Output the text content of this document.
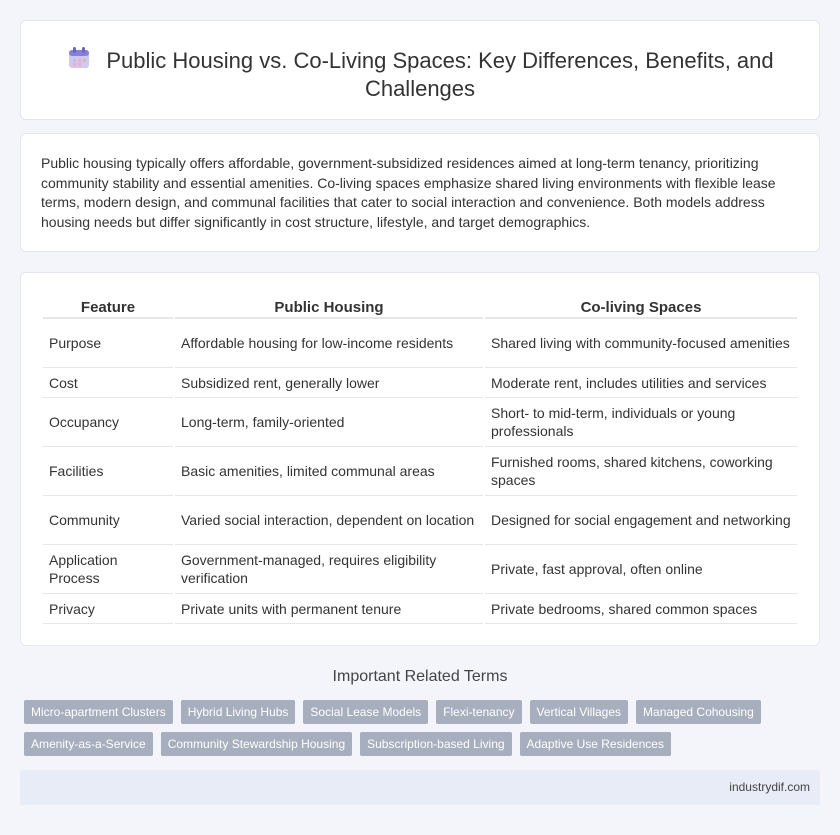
Public Housing vs. Co-Living Spaces: Key Differences, Benefits, and Challenges

Public housing typically offers affordable, government-subsidized residences aimed at long-term tenancy, prioritizing community stability and essential amenities. Co-living spaces emphasize shared living environments with flexible lease terms, modern design, and communal facilities that cater to social interaction and convenience. Both models address housing needs but differ significantly in cost structure, lifestyle, and target demographics.

Feature	Public Housing	Co-living Spaces
Purpose	Affordable housing for low-income residents	Shared living with community-focused amenities
Cost	Subsidized rent, generally lower	Moderate rent, includes utilities and services
Occupancy	Long-term, family-oriented	Short- to mid-term, individuals or young professionals
Facilities	Basic amenities, limited communal areas	Furnished rooms, shared kitchens, coworking spaces
Community	Varied social interaction, dependent on location	Designed for social engagement and networking
Application Process	Government-managed, requires eligibility verification	Private, fast approval, often online
Privacy	Private units with permanent tenure	Private bedrooms, shared common spaces
Important Related Terms
Micro-apartment Clusters	Hybrid Living Hubs	Social Lease Models	Flexi-tenancy	Vertical Villages	Managed Cohousing
Amenity-as-a-Service	Community Stewardship Housing	Subscription-based Living	Adaptive Use Residences
industrydif.com
